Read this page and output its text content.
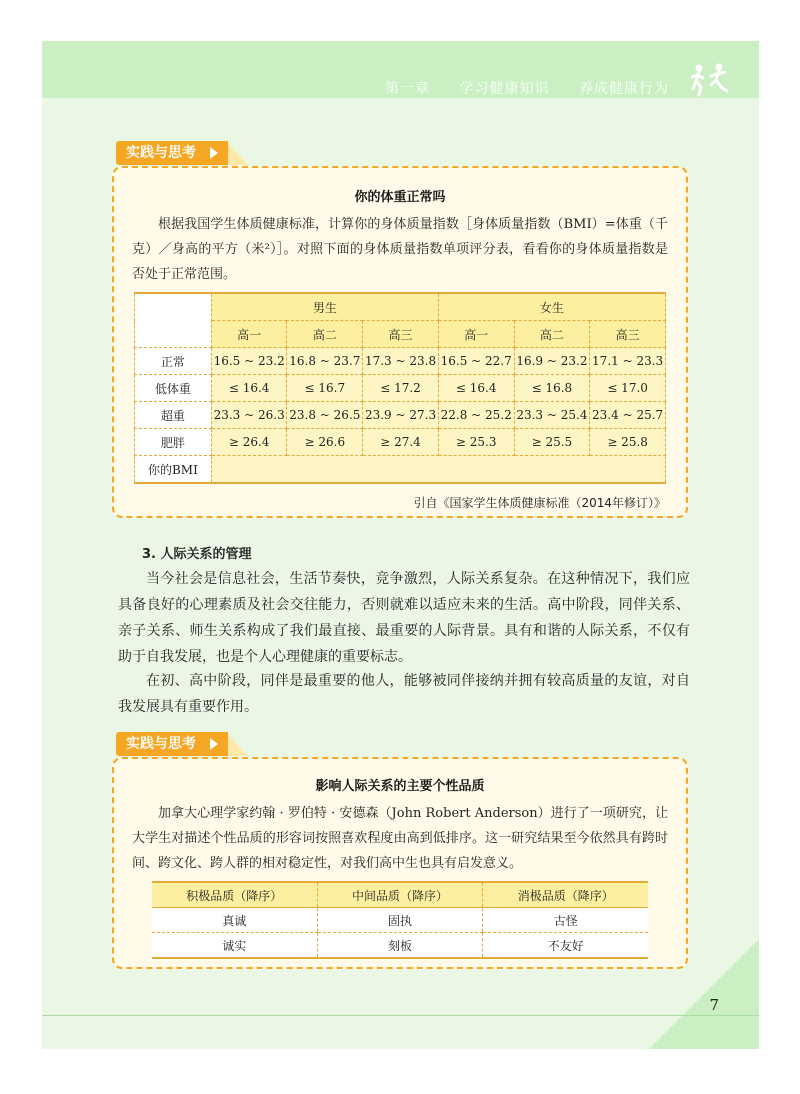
第一章 学习健康知识 养成健康行为
7
实践与思考
你的体重正常吗
根据我国学生体质健康标准，计算你的身体质量指数［身体质量指数（BMI）=体重（千克）／身高的平方（米²）］。对照下面的身体质量指数单项评分表，看看你的身体质量指数是否处于正常范围。
	男生			女生		
	高一	高二	高三	高一	高二	高三
正常	16.5 ~ 23.2	16.8 ~ 23.7	17.3 ~ 23.8	16.5 ~ 22.7	16.9 ~ 23.2	17.1 ~ 23.3
低体重	≤ 16.4	≤ 16.7	≤ 17.2	≤ 16.4	≤ 16.8	≤ 17.0
超重	23.3 ~ 26.3	23.8 ~ 26.5	23.9 ~ 27.3	22.8 ~ 25.2	23.3 ~ 25.4	23.4 ~ 25.7
肥胖	≥ 26.4	≥ 26.6	≥ 27.4	≥ 25.3	≥ 25.5	≥ 25.8
你的BMI						
引自《国家学生体质健康标准（2014年修订）》
3. 人际关系的管理
当今社会是信息社会，生活节奏快，竞争激烈，人际关系复杂。在这种情况下，我们应具备良好的心理素质及社会交往能力，否则就难以适应未来的生活。高中阶段，同伴关系、亲子关系、师生关系构成了我们最直接、最重要的人际背景。具有和谐的人际关系，不仅有助于自我发展，也是个人心理健康的重要标志。
在初、高中阶段，同伴是最重要的他人，能够被同伴接纳并拥有较高质量的友谊，对自我发展具有重要作用。
实践与思考
影响人际关系的主要个性品质
加拿大心理学家约翰 · 罗伯特 · 安德森（John Robert Anderson）进行了一项研究，让大学生对描述个性品质的形容词按照喜欢程度由高到低排序。这一研究结果至今依然具有跨时间、跨文化、跨人群的相对稳定性，对我们高中生也具有启发意义。
积极品质（降序）	中间品质（降序）	消极品质（降序）
真诚	固执	古怪
诚实	刻板	不友好
